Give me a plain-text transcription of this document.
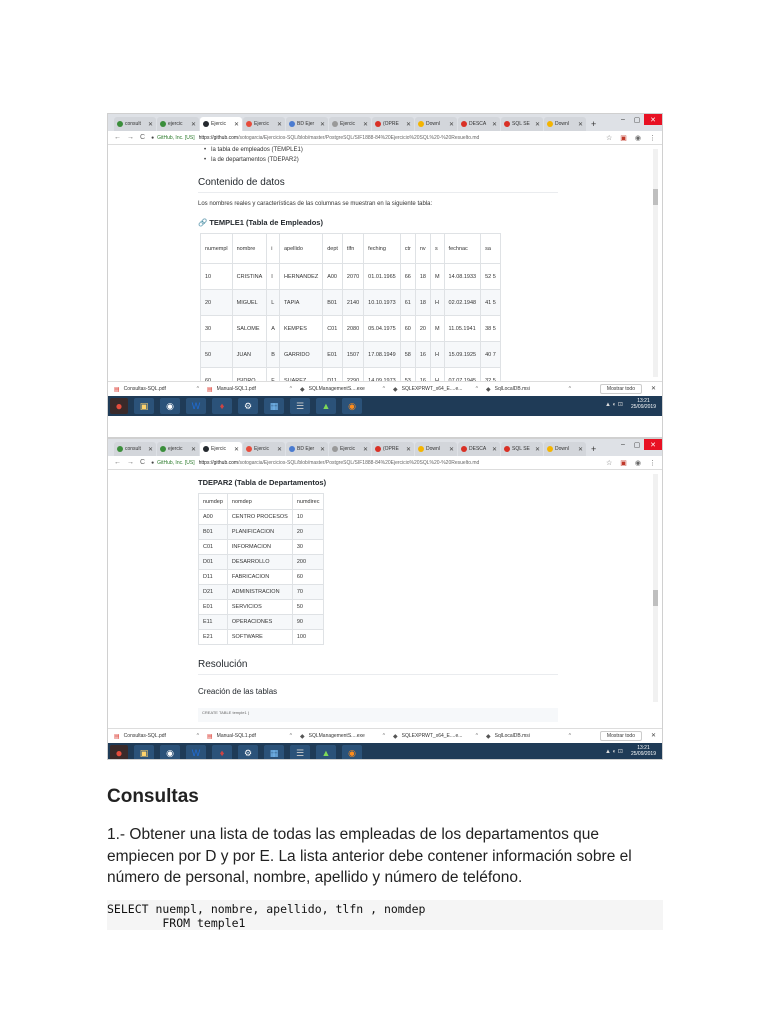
consult ✕	ejercic ✕	Ejercic ✕	Ejercic ✕	BD Ejer ✕	Ejercic ✕	(OPRE ✕	Downl ✕	DESCA ✕	SQL SE ✕	Downl ✕ +	–	▢	✕
← → C ● GitHub, Inc. [US] https://github.com/sotogarcia/Ejercicios-SQL/blob/master/PostgreSQL/SIF1888-84%20Ejercicio%20SQL%20-%20Resuelto.md	☆ ▣ ◉ ⋮
• la tabla de empleados (TEMPLE1)
• la de departamentos (TDEPAR2)
Contenido de datos
Los nombres reales y características de las columnas se muestran en la siguiente tabla:
🔗 TEMPLE1 (Tabla de Empleados)
numempl	nombre	i	apellido	dept	tlfn	feching	ctr	nv	s	fechnac	sa
10	CRISTINA	I	HERNANDEZ	A00	2070	01.01.1965	66	18	M	14.08.1933	52 5
20	MIGUEL	L	TAPIA	B01	2140	10.10.1973	61	18	H	02.02.1948	41 5
30	SALOME	A	KEMPES	C01	2080	05.04.1975	60	20	M	11.05.1941	38 5
50	JUAN	B	GARRIDO	E01	1507	17.08.1949	58	16	H	15.09.1925	40 7
60	ISIDRO	F	SUAREZ	D11	2290	14.09.1973	53	16	H	07.07.1945	32 5
▤ Consultas-SQL.pdf	^ ▤ Manual-SQL1.pdf	^ ◆ SQLManagementS....exe	^ ◆ SQLEXPRWT_x64_E....e...	^ ◆ SqlLocalDB.msi	^	Mostrar todo	✕
●	▣	◉	W	♦	⚙	▦	☰	▲	◉	▲ ◐ ⊡
13:21
25/09/2019
consult ✕	ejercic ✕	Ejercic ✕	Ejercic ✕	BD Ejer ✕	Ejercic ✕	(OPRE ✕	Downl ✕	DESCA ✕	SQL SE ✕	Downl ✕ +	–	▢	✕
← → C ● GitHub, Inc. [US] https://github.com/sotogarcia/Ejercicios-SQL/blob/master/PostgreSQL/SIF1888-84%20Ejercicio%20SQL%20-%20Resuelto.md	☆ ▣ ◉ ⋮
TDEPAR2 (Tabla de Departamentos)
numdep	nomdep	numdirec
A00	CENTRO PROCESOS	10
B01	PLANIFICACION	20
C01	INFORMACION	30
D01	DESARROLLO	200
D11	FABRICACION	60
D21	ADMINISTRACION	70
E01	SERVICIOS	50
E11	OPERACIONES	90
E21	SOFTWARE	100
Resolución
Creación de las tablas
CREATE TABLE temple1 (
▤ Consultas-SQL.pdf	^ ▤ Manual-SQL1.pdf	^ ◆ SQLManagementS....exe	^ ◆ SQLEXPRWT_x64_E....e...	^ ◆ SqlLocalDB.msi	^	Mostrar todo	✕
●	▣	◉	W	♦	⚙	▦	☰	▲	◉	▲ ◐ ⊡
13:21
25/09/2019
Consultas
1.- Obtener una lista de todas las empleadas de los departamentos que empiecen por D y por E. La lista anterior debe contener información sobre el número de personal, nombre, apellido y número de teléfono.
SELECT nuempl, nombre, apellido, tlfn , nomdep
FROM temple1
